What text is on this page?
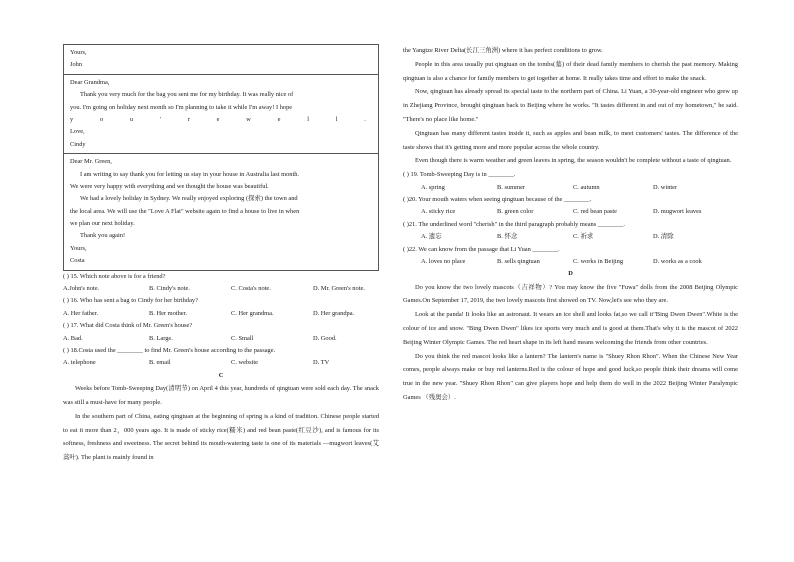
Yours,
John
Dear Grandma,
Thank you very much for the bag you sent me for my birthday. It was really nice of
you. I'm going on holiday next month so I'm planning to take it while I'm away! I hope
y	o	u	'	r	e	w	e	l	l	.
Love,
Cindy
Dear Mr. Green,
I am writing to say thank you for letting us stay in your house in Australia last month.
We were very happy with everything and we thought the house was beautiful.
We had a lovely holiday in Sydney. We really enjoyed exploring (探索) the town and
the local area. We will use the "Love A Flat" website again to find a house to live in when
we plan our next holiday.
Thank you again!
Yours,
Costa
( ) 15. Which note above is for a friend?
A.John's note.	B. Cindy's note.	C. Costa's note.	D. Mr. Green's note.
( ) 16. Who has sent a bag to Cindy for her birthday?
A. Her father.	B. Her mother.	C. Her grandma.	D. Her grandpa.
( ) 17. What did Costa think of Mr. Green's house?
A. Bad.	B. Large.	C. Small	D. Good.
( ) 18.Costa used the ________ to find Mr. Green's house according to the passage.
A. telephone	B. email	C. website	D. TV
C

Weeks before Tomb-Sweeping Day(清明节) on April 4 this year, hundreds of qingtuan were sold each day. The snack was still a must-have for many people.

In the southern part of China, eating qingtuan at the beginning of spring is a kind of tradition. Chinese people started to eat it more than 2，000 years ago. It is made of sticky rice(糯米) and red bean paste(红豆沙), and is famous for its softness, freshness and sweetness. The secret behind its mouth-watering taste is one of its materials —mugwort leaves(艾蒿叶). The plant is mainly found in

the Yangtze River Delta(长江三角洲) where it has perfect conditions to grow.

People in this area usually put qingtuan on the tombs(墓) of their dead family members to cherish the past memory. Making qingtuan is also a chance for family members to get together at home. It really takes time and effort to make the snack.

Now, qingtuan has already spread its special taste to the northern part of China. Li Yuan, a 30-year-old engineer who grew up in Zhejiang Province, brought qingtuan back to Beijing where he works. "It tastes different in and out of my hometown," he said. "There's no place like home."

Qingtuan has many different tastes inside it, such as apples and bean milk, to meet customers' tastes. The difference of the taste shows that it's getting more and more popular across the whole country.

Even though there is warm weather and green leaves in spring, the season wouldn't be complete without a taste of qingtuan.

( ) 19. Tomb-Sweeping Day is in ________.
A. spring	B. summer	C. autumn	D. winter
( )20. Your mouth waters when seeing qingtuan because of the ________.
A. sticky rice	B. green color	C. red bean paste	D. mugwort leaves
( )21. The underlined word "cherish" in the third paragraph probably means ________.
A. 遗忘	B. 怀念	C. 祈求	D. 清除
( )22. We can know from the passage that Li Yuan ________.
A. loves no place	B. sells qingtuan	C. works in Beijing	D. works as a cook
D

Do you know the two lovely mascots（吉祥物）? You may know the five "Fuwa" dolls from the 2008 Beijing Olympic Games.On September 17, 2019, the two lovely mascots first showed on TV. Now,let's see who they are.

Look at the panda! It looks like an astronaut. It wears an ice shell and looks fat,so we call it"Bing Dwen Dwen".White is the colour of ice and snow. "Bing Dwen Dwen" likes ice sports very much and is good at them.That's why it is the mascot of 2022 Beijing Winter Olympic Games. The red heart shape in its left hand means welcoming the friends from other countries.

Do you think the red mascot looks like a lantern? The lantern's name is "Shuey Rhon Rhon". When the Chinese New Year comes, people always make or buy red lanterns.Red is the colour of hope and good luck,so people think their dreams will come true in the new year. "Shuey Rhon Rhon" can give players hope and help them do well in the 2022 Beijing Winter Paralympic Games （残奥会）.
